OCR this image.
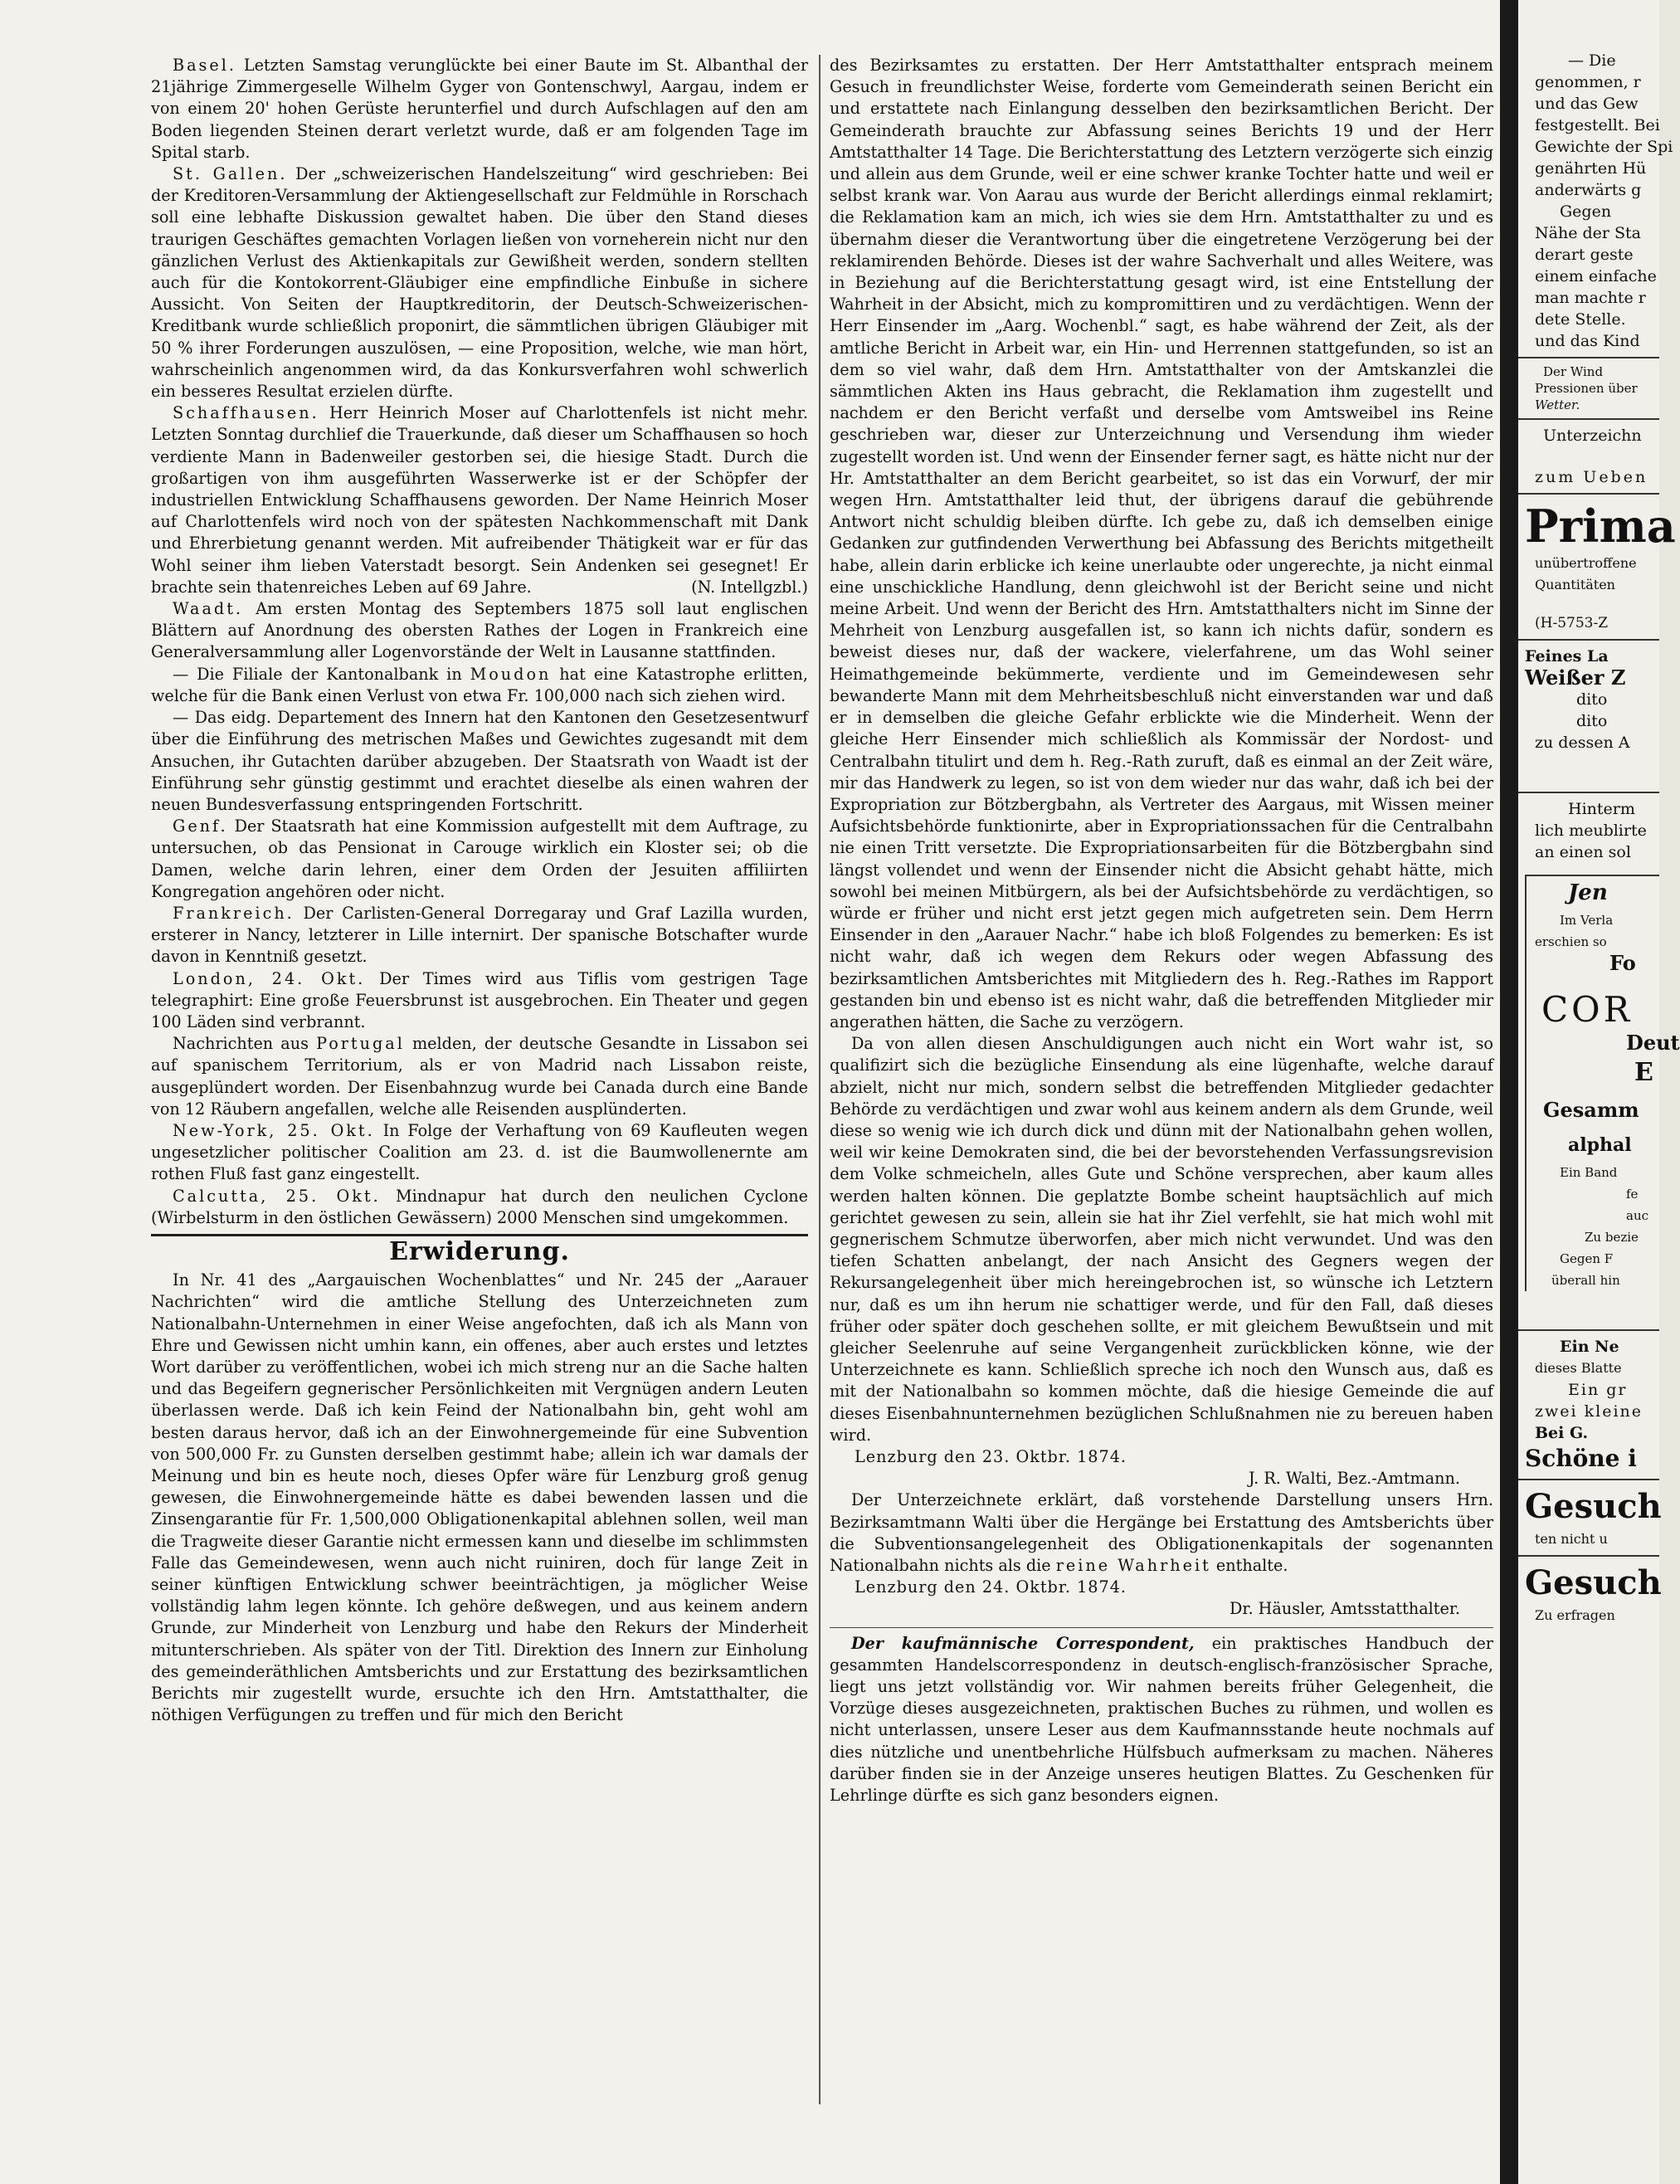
Basel. Letzten Samstag verunglückte bei einer Baute im St. Albanthal der 21jährige Zimmergeselle Wilhelm Gyger von Gontenschwyl, Aargau, indem er von einem 20' hohen Gerüste herunterfiel und durch Aufschlagen auf den am Boden liegenden Steinen derart verletzt wurde, daß er am folgenden Tage im Spital starb.

St. Gallen. Der „schweizerischen Handelszeitung“ wird geschrieben: Bei der Kreditoren-Versammlung der Aktiengesellschaft zur Feldmühle in Rorschach soll eine lebhafte Diskussion gewaltet haben. Die über den Stand dieses traurigen Geschäftes gemachten Vorlagen ließen von vorneherein nicht nur den gänzlichen Verlust des Aktienkapitals zur Gewißheit werden, sondern stellten auch für die Kontokorrent-Gläubiger eine empfindliche Einbuße in sichere Aussicht. Von Seiten der Hauptkreditorin, der Deutsch-Schweizerischen-Kreditbank wurde schließlich proponirt, die sämmtlichen übrigen Gläubiger mit 50 % ihrer Forderungen auszulösen, — eine Proposition, welche, wie man hört, wahrscheinlich angenommen wird, da das Konkursverfahren wohl schwerlich ein besseres Resultat erzielen dürfte.

Schaffhausen. Herr Heinrich Moser auf Charlottenfels ist nicht mehr. Letzten Sonntag durchlief die Trauerkunde, daß dieser um Schaffhausen so hoch verdiente Mann in Badenweiler gestorben sei, die hiesige Stadt. Durch die großartigen von ihm ausgeführten Wasserwerke ist er der Schöpfer der industriellen Entwicklung Schaffhausens geworden. Der Name Heinrich Moser auf Charlottenfels wird noch von der spätesten Nachkommenschaft mit Dank und Ehrerbietung genannt werden. Mit aufreibender Thätigkeit war er für das Wohl seiner ihm lieben Vaterstadt besorgt. Sein Andenken sei gesegnet! Er brachte sein thatenreiches Leben auf 69 Jahre.	(N. Intellgzbl.)

Waadt. Am ersten Montag des Septembers 1875 soll laut englischen Blättern auf Anordnung des obersten Rathes der Logen in Frankreich eine Generalversammlung aller Logenvorstände der Welt in Lausanne stattfinden.

— Die Filiale der Kantonalbank in Moudon hat eine Katastrophe erlitten, welche für die Bank einen Verlust von etwa Fr. 100,000 nach sich ziehen wird.

— Das eidg. Departement des Innern hat den Kantonen den Gesetzesentwurf über die Einführung des metrischen Maßes und Gewichtes zugesandt mit dem Ansuchen, ihr Gutachten darüber abzugeben. Der Staatsrath von Waadt ist der Einführung sehr günstig gestimmt und erachtet dieselbe als einen wahren der neuen Bundesverfassung entspringenden Fortschritt.

Genf. Der Staatsrath hat eine Kommission aufgestellt mit dem Auftrage, zu untersuchen, ob das Pensionat in Carouge wirklich ein Kloster sei; ob die Damen, welche darin lehren, einer dem Orden der Jesuiten affiliirten Kongregation angehören oder nicht.

Frankreich. Der Carlisten-General Dorregaray und Graf Lazilla wurden, ersterer in Nancy, letzterer in Lille internirt. Der spanische Botschafter wurde davon in Kenntniß gesetzt.

London, 24. Okt. Der Times wird aus Tiflis vom gestrigen Tage telegraphirt: Eine große Feuersbrunst ist ausgebrochen. Ein Theater und gegen 100 Läden sind verbrannt.

Nachrichten aus Portugal melden, der deutsche Gesandte in Lissabon sei auf spanischem Territorium, als er von Madrid nach Lissabon reiste, ausgeplündert worden. Der Eisenbahnzug wurde bei Canada durch eine Bande von 12 Räubern angefallen, welche alle Reisenden ausplünderten.

New-York, 25. Okt. In Folge der Verhaftung von 69 Kaufleuten wegen ungesetzlicher politischer Coalition am 23. d. ist die Baumwollenernte am rothen Fluß fast ganz eingestellt.

Calcutta, 25. Okt. Mindnapur hat durch den neulichen Cyclone (Wirbelsturm in den östlichen Gewässern) 2000 Menschen sind umgekommen.

Erwiderung.

In Nr. 41 des „Aargauischen Wochenblattes“ und Nr. 245 der „Aarauer Nachrichten“ wird die amtliche Stellung des Unterzeichneten zum Nationalbahn-Unternehmen in einer Weise angefochten, daß ich als Mann von Ehre und Gewissen nicht umhin kann, ein offenes, aber auch erstes und letztes Wort darüber zu veröffentlichen, wobei ich mich streng nur an die Sache halten und das Begeifern gegnerischer Persönlichkeiten mit Vergnügen andern Leuten überlassen werde. Daß ich kein Feind der Nationalbahn bin, geht wohl am besten daraus hervor, daß ich an der Einwohnergemeinde für eine Subvention von 500,000 Fr. zu Gunsten derselben gestimmt habe; allein ich war damals der Meinung und bin es heute noch, dieses Opfer wäre für Lenzburg groß genug gewesen, die Einwohnergemeinde hätte es dabei bewenden lassen und die Zinsengarantie für Fr. 1,500,000 Obligationenkapital ablehnen sollen, weil man die Tragweite dieser Garantie nicht ermessen kann und dieselbe im schlimmsten Falle das Gemeindewesen, wenn auch nicht ruiniren, doch für lange Zeit in seiner künftigen Entwicklung schwer beeinträchtigen, ja möglicher Weise vollständig lahm legen könnte. Ich gehöre deßwegen, und aus keinem andern Grunde, zur Minderheit von Lenzburg und habe den Rekurs der Minderheit mitunterschrieben. Als später von der Titl. Direktion des Innern zur Einholung des gemeinderäthlichen Amtsberichts und zur Erstattung des bezirksamtlichen Berichts mir zugestellt wurde, ersuchte ich den Hrn. Amtstatthalter, die nöthigen Verfügungen zu treffen und für mich den Bericht

des Bezirksamtes zu erstatten. Der Herr Amtstatthalter entsprach meinem Gesuch in freundlichster Weise, forderte vom Gemeinderath seinen Bericht ein und erstattete nach Einlangung desselben den bezirksamtlichen Bericht. Der Gemeinderath brauchte zur Abfassung seines Berichts 19 und der Herr Amtstatthalter 14 Tage. Die Berichterstattung des Letztern verzögerte sich einzig und allein aus dem Grunde, weil er eine schwer kranke Tochter hatte und weil er selbst krank war. Von Aarau aus wurde der Bericht allerdings einmal reklamirt; die Reklamation kam an mich, ich wies sie dem Hrn. Amtstatthalter zu und es übernahm dieser die Verantwortung über die eingetretene Verzögerung bei der reklamirenden Behörde. Dieses ist der wahre Sachverhalt und alles Weitere, was in Beziehung auf die Berichterstattung gesagt wird, ist eine Entstellung der Wahrheit in der Absicht, mich zu kompromittiren und zu verdächtigen. Wenn der Herr Einsender im „Aarg. Wochenbl.“ sagt, es habe während der Zeit, als der amtliche Bericht in Arbeit war, ein Hin- und Herrennen stattgefunden, so ist an dem so viel wahr, daß dem Hrn. Amtstatthalter von der Amtskanzlei die sämmtlichen Akten ins Haus gebracht, die Reklamation ihm zugestellt und nachdem er den Bericht verfaßt und derselbe vom Amtsweibel ins Reine geschrieben war, dieser zur Unterzeichnung und Versendung ihm wieder zugestellt worden ist. Und wenn der Einsender ferner sagt, es hätte nicht nur der Hr. Amtstatthalter an dem Bericht gearbeitet, so ist das ein Vorwurf, der mir wegen Hrn. Amtstatthalter leid thut, der übrigens darauf die gebührende Antwort nicht schuldig bleiben dürfte. Ich gebe zu, daß ich demselben einige Gedanken zur gutfindenden Verwerthung bei Abfassung des Berichts mitgetheilt habe, allein darin erblicke ich keine unerlaubte oder ungerechte, ja nicht einmal eine unschickliche Handlung, denn gleichwohl ist der Bericht seine und nicht meine Arbeit. Und wenn der Bericht des Hrn. Amtstatthalters nicht im Sinne der Mehrheit von Lenzburg ausgefallen ist, so kann ich nichts dafür, sondern es beweist dieses nur, daß der wackere, vielerfahrene, um das Wohl seiner Heimathgemeinde bekümmerte, verdiente und im Gemeindewesen sehr bewanderte Mann mit dem Mehrheitsbeschluß nicht einverstanden war und daß er in demselben die gleiche Gefahr erblickte wie die Minderheit. Wenn der gleiche Herr Einsender mich schließlich als Kommissär der Nordost- und Centralbahn titulirt und dem h. Reg.-Rath zuruft, daß es einmal an der Zeit wäre, mir das Handwerk zu legen, so ist von dem wieder nur das wahr, daß ich bei der Expropriation zur Bötzbergbahn, als Vertreter des Aargaus, mit Wissen meiner Aufsichtsbehörde funktionirte, aber in Expropriationssachen für die Centralbahn nie einen Tritt versetzte. Die Expropriationsarbeiten für die Bötzbergbahn sind längst vollendet und wenn der Einsender nicht die Absicht gehabt hätte, mich sowohl bei meinen Mitbürgern, als bei der Aufsichtsbehörde zu verdächtigen, so würde er früher und nicht erst jetzt gegen mich aufgetreten sein. Dem Herrn Einsender in den „Aarauer Nachr.“ habe ich bloß Folgendes zu bemerken: Es ist nicht wahr, daß ich wegen dem Rekurs oder wegen Abfassung des bezirksamtlichen Amtsberichtes mit Mitgliedern des h. Reg.-Rathes im Rapport gestanden bin und ebenso ist es nicht wahr, daß die betreffenden Mitglieder mir angerathen hätten, die Sache zu verzögern.

Da von allen diesen Anschuldigungen auch nicht ein Wort wahr ist, so qualifizirt sich die bezügliche Einsendung als eine lügenhafte, welche darauf abzielt, nicht nur mich, sondern selbst die betreffenden Mitglieder gedachter Behörde zu verdächtigen und zwar wohl aus keinem andern als dem Grunde, weil diese so wenig wie ich durch dick und dünn mit der Nationalbahn gehen wollen, weil wir keine Demokraten sind, die bei der bevorstehenden Verfassungsrevision dem Volke schmeicheln, alles Gute und Schöne versprechen, aber kaum alles werden halten können. Die geplatzte Bombe scheint hauptsächlich auf mich gerichtet gewesen zu sein, allein sie hat ihr Ziel verfehlt, sie hat mich wohl mit gegnerischem Schmutze überworfen, aber mich nicht verwundet. Und was den tiefen Schatten anbelangt, der nach Ansicht des Gegners wegen der Rekursangelegenheit über mich hereingebrochen ist, so wünsche ich Letztern nur, daß es um ihn herum nie schattiger werde, und für den Fall, daß dieses früher oder später doch geschehen sollte, er mit gleichem Bewußtsein und mit gleicher Seelenruhe auf seine Vergangenheit zurückblicken könne, wie der Unterzeichnete es kann. Schließlich spreche ich noch den Wunsch aus, daß es mit der Nationalbahn so kommen möchte, daß die hiesige Gemeinde die auf dieses Eisenbahnunternehmen bezüglichen Schlußnahmen nie zu bereuen haben wird.

Lenzburg den 23. Oktbr. 1874.

J. R. Walti, Bez.-Amtmann.

Der Unterzeichnete erklärt, daß vorstehende Darstellung unsers Hrn. Bezirksamtmann Walti über die Hergänge bei Erstattung des Amtsberichts über die Subventionsangelegenheit des Obligationenkapitals der sogenannten Nationalbahn nichts als die reine Wahrheit enthalte.

Lenzburg den 24. Oktbr. 1874.

Dr. Häusler, Amtsstatthalter.

Der kaufmännische Correspondent, ein praktisches Handbuch der gesammten Handelscorrespondenz in deutsch-englisch-französischer Sprache, liegt uns jetzt vollständig vor. Wir nahmen bereits früher Gelegenheit, die Vorzüge dieses ausgezeichneten, praktischen Buches zu rühmen, und wollen es nicht unterlassen, unsere Leser aus dem Kaufmannsstande heute nochmals auf dies nützliche und unentbehrliche Hülfsbuch aufmerksam zu machen. Näheres darüber finden sie in der Anzeige unseres heutigen Blattes. Zu Geschenken für Lehrlinge dürfte es sich ganz besonders eignen.

— Die
genommen, r
und das Gew
festgestellt. Bei
Gewichte der Spi
genährten Hü
anderwärts g
Gegen
Nähe der Sta
derart geste
einem einfache
man machte r
dete Stelle.
und das Kind
Der Wind
Pressionen über
Wetter.
Unterzeichn
zum Ueben
Prima
unübertroffene
Quantitäten
(H-5753-Z
Feines La
Weißer Z
dito
dito
zu dessen A
Hinterm
lich meublirte
an einen sol
Jen
Im Verla
erschien so
Fo
COR
Deut
E
Gesamm
alphal
Ein Band
fe
auc
Zu bezie
Gegen F
überall hin
Ein Ne
dieses Blatte
Ein gr
zwei kleine
Bei G.
Schöne i
Gesuch
ten nicht u
Gesuch
Zu erfragen
